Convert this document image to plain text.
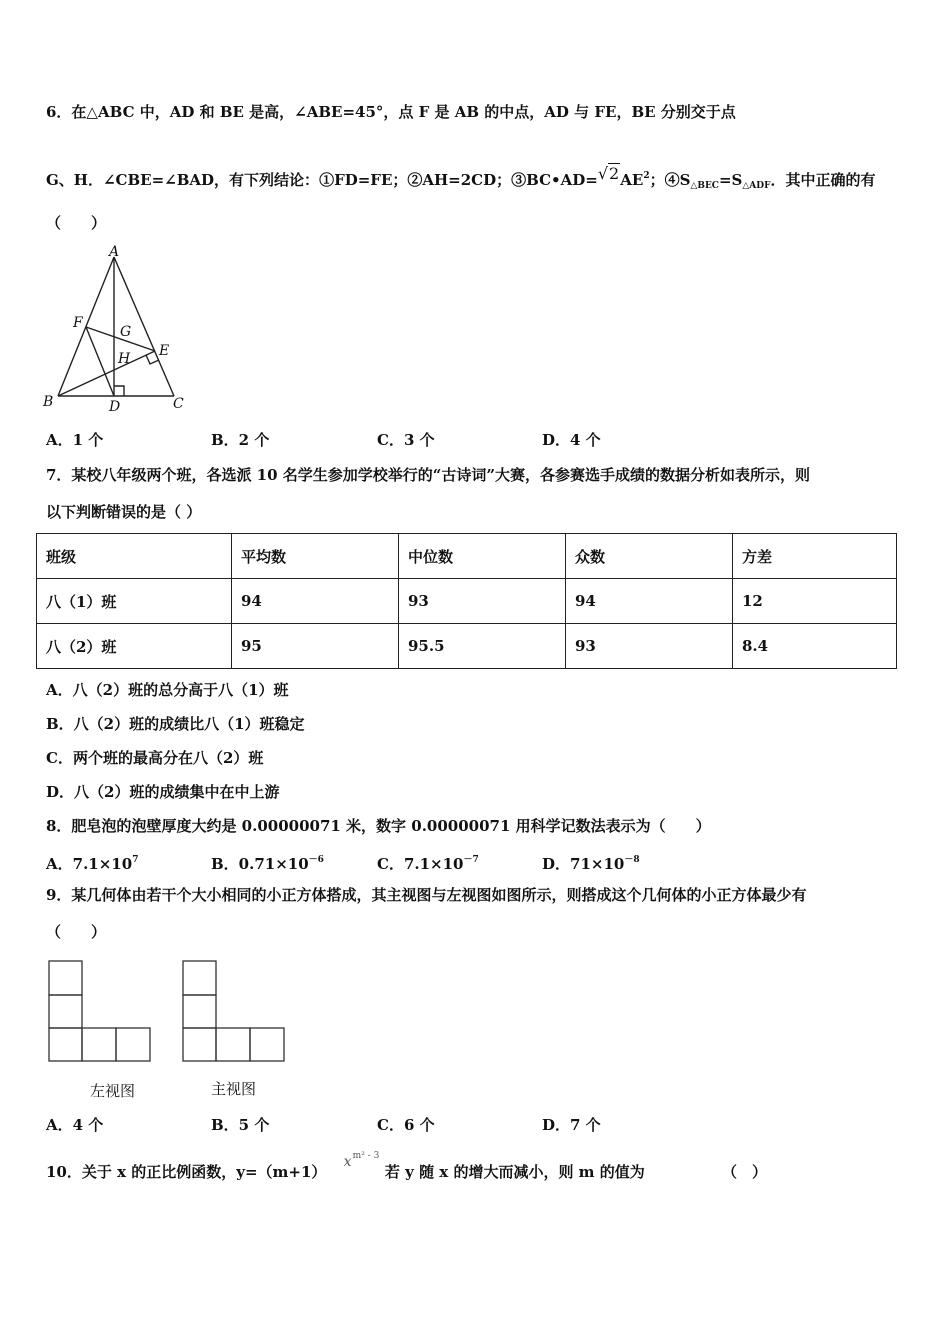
6．在△ABC 中，AD 和 BE 是高，∠ABE=45°，点 F 是 AB 的中点，AD 与 FE，BE 分别交于点
G、H．∠CBE=∠BAD，有下列结论：①FD=FE；②AH=2CD；$③BC•AD=√2AE^2$；$④S_{\triangle BEC}=S_{\triangle ADF}$．其中正确的有
（　　）
A
B	C
D
E
F
G
H
A．1 个	B．2 个	C．3 个	D．4 个
7．某校八年级两个班，各选派 10 名学生参加学校举行的“古诗词”大赛，各参赛选手成绩的数据分析如表所示，则
以下判断错误的是（ ）
班级	平均数	中位数	众数	方差
八（1）班	94	93	94	12
八（2）班	95	95.5	93	8.4
A．八（2）班的总分高于八（1）班
B．八（2）班的成绩比八（1）班稳定
C．两个班的最高分在八（2）班
D．八（2）班的成绩集中在中上游
8．肥皂泡的泡壁厚度大约是 0.00000071 米，数字 0.00000071 用科学记数法表示为（　　）
A．$7.1\times 10^7$	B．$0.71\times 10^{-6}$	C．$7.1\times 10^{-7}$	D．$71\times 10^{-8}$
9．某几何体由若干个大小相同的小正方体搭成，其主视图与左视图如图所示，则搭成这个几何体的小正方体最少有
（　　）
左视图	主视图
A．4 个	B．5 个	C．6 个	D．7 个
10．关于 x 的正比例函数，y=（m+1）
x m² - 3
若 y 随 x 的增大而减小，则 m 的值为	（　）
